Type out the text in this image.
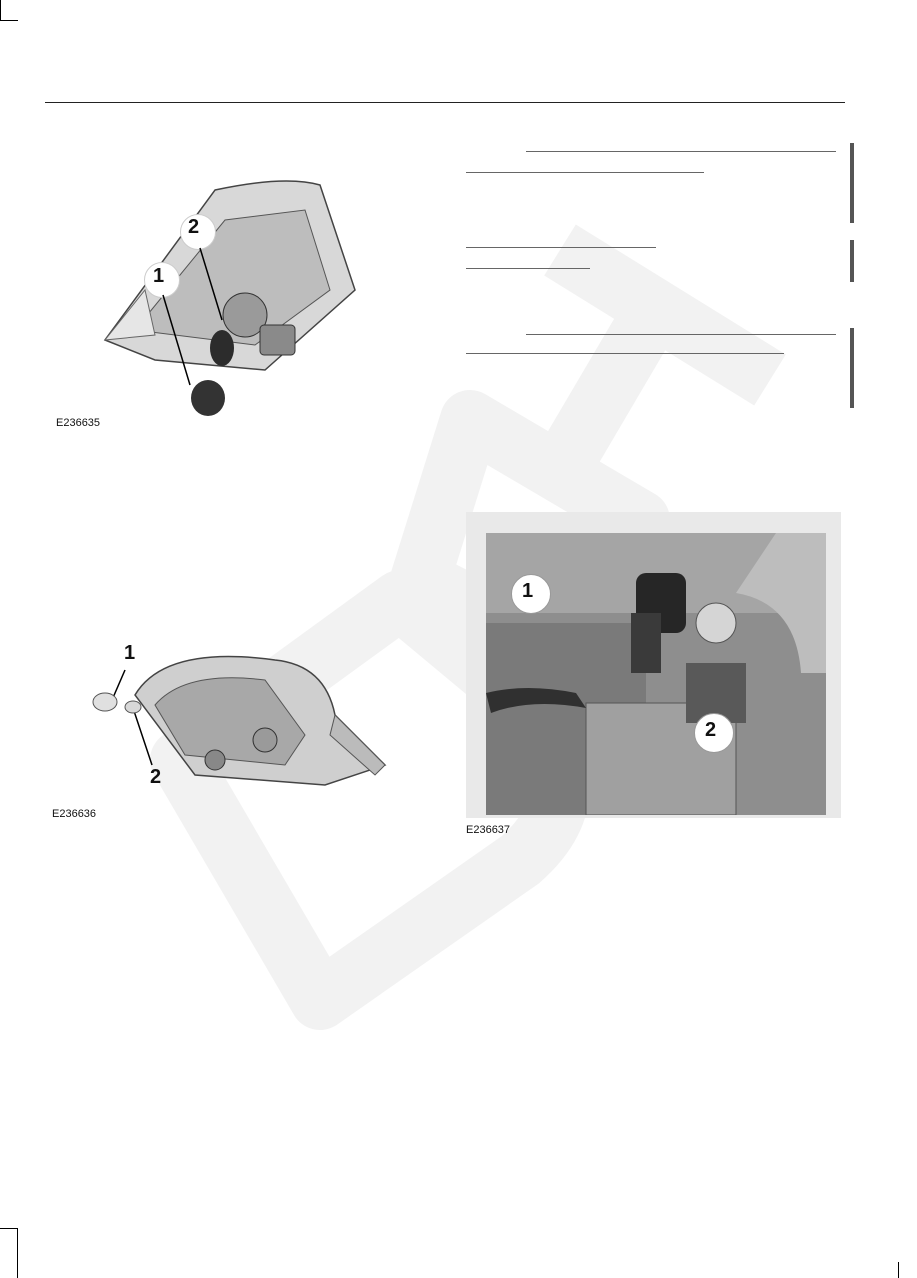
2
1
E236635
1
2
E236636
1
2
E236637
